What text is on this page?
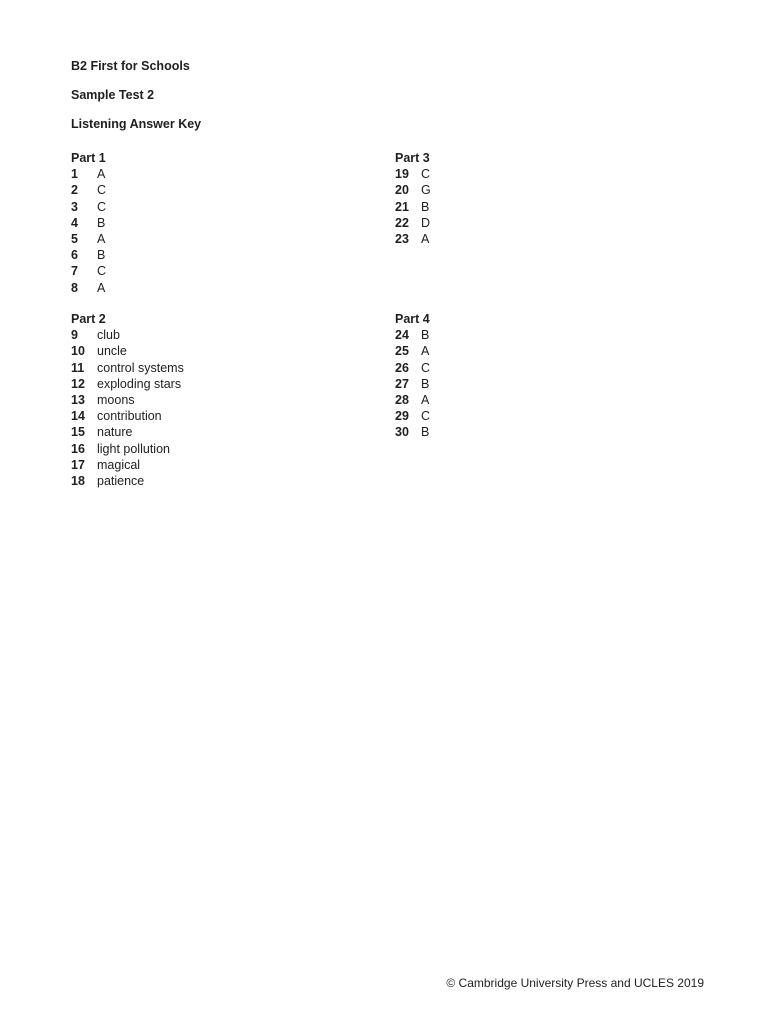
B2 First for Schools

Sample Test 2

Listening Answer Key

Part 1
1	A
2	C
3	C
4	B
5	A
6	B
7	C
8	A
Part 3
19 C
20 G
21 B
22 D
23 A
Part 2
9	club
10 uncle
11	control systems
12 exploding stars
13 moons
14 contribution
15 nature
16 light pollution
17 magical
18 patience
Part 4
24 B
25 A
26 C
27 B
28 A
29 C
30 B
© Cambridge University Press and UCLES 2019
